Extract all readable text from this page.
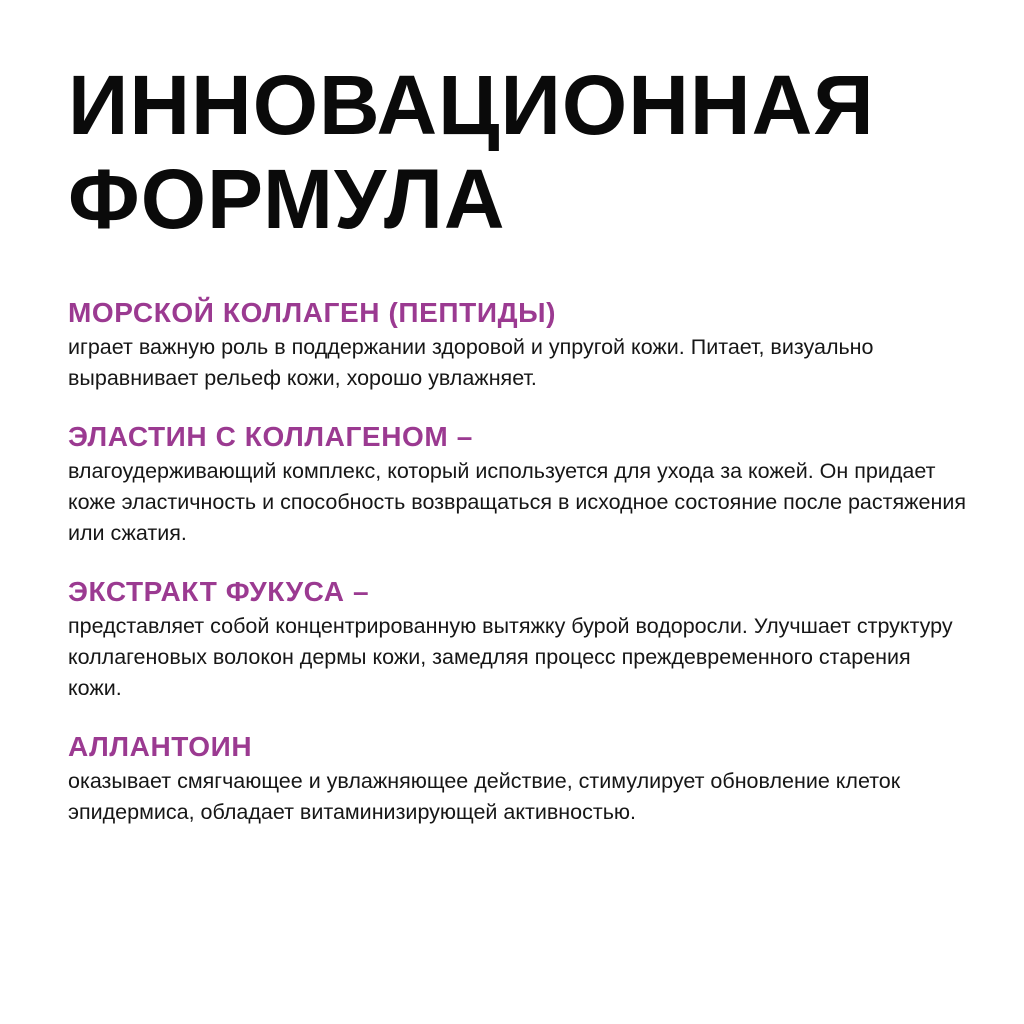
ИННОВАЦИОННАЯ
ФОРМУЛА
МОРСКОЙ КОЛЛАГЕН (ПЕПТИДЫ)

играет важную роль в поддержании здоровой и упругой кожи. Питает, визуально выравнивает рельеф кожи, хорошо увлажняет.

ЭЛАСТИН С КОЛЛАГЕНОМ –

влагоудерживающий комплекс, который используется для ухода за кожей. Он придает коже эластичность и способность возвращаться в исходное состояние после растяжения или сжатия.

ЭКСТРАКТ ФУКУСА –

представляет собой концентрированную вытяжку бурой водоросли. Улучшает структуру коллагеновых волокон дермы кожи, замедляя процесс преждевременного старения кожи.

АЛЛАНТОИН

оказывает смягчающее и увлажняющее действие, стимулирует обновление клеток эпидермиса, обладает витаминизирующей активностью.
